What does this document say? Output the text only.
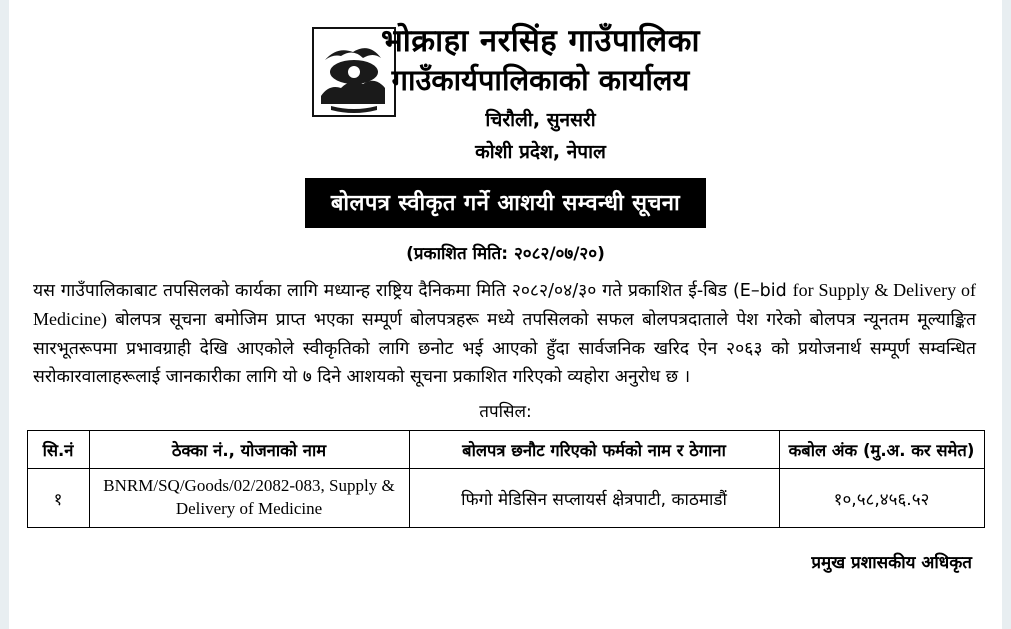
भोक्राहा नरसिंह गाउँपालिका
गाउँकार्यपालिकाको कार्यालय
चिरौली, सुनसरी
कोशी प्रदेश, नेपाल
बोलपत्र स्वीकृत गर्ने आशयी सम्वन्धी सूचना
(प्रकाशित मिति: २०८२/०७/२०)
यस गाउँपालिकाबाट तपसिलको कार्यका लागि मध्यान्ह राष्ट्रिय दैनिकमा मिति २०८२/०४/३० गते प्रकाशित ई-बिड (E–bid for Supply & Delivery of Medicine) बोलपत्र सूचना बमोजिम प्राप्त भएका सम्पूर्ण बोलपत्रहरू मध्ये तपसिलको सफल बोलपत्रदाताले पेश गरेको बोलपत्र न्यूनतम मूल्याङ्कित सारभूतरूपमा प्रभावग्राही देखि आएकोले स्वीकृतिको लागि छनोट भई आएको हुँदा सार्वजनिक खरिद ऐन २०६३ को प्रयोजनार्थ सम्पूर्ण सम्वन्धित सरोकारवालाहरूलाई जानकारीका लागि यो ७ दिने आशयको सूचना प्रकाशित गरिएको व्यहोरा अनुरोध छ ।
तपसिल:
सि.नं	ठेक्का नं., योजनाको नाम	बोलपत्र छनौट गरिएको फर्मको नाम र ठेगाना	कबोल अंक (मु.अ. कर समेत)
१	BNRM/SQ/Goods/02/2082-083, Supply & Delivery of Medicine	फिगो मेडिसिन सप्लायर्स क्षेत्रपाटी, काठमाडौं	१०,५८,४५६.५२
प्रमुख प्रशासकीय अधिकृत
